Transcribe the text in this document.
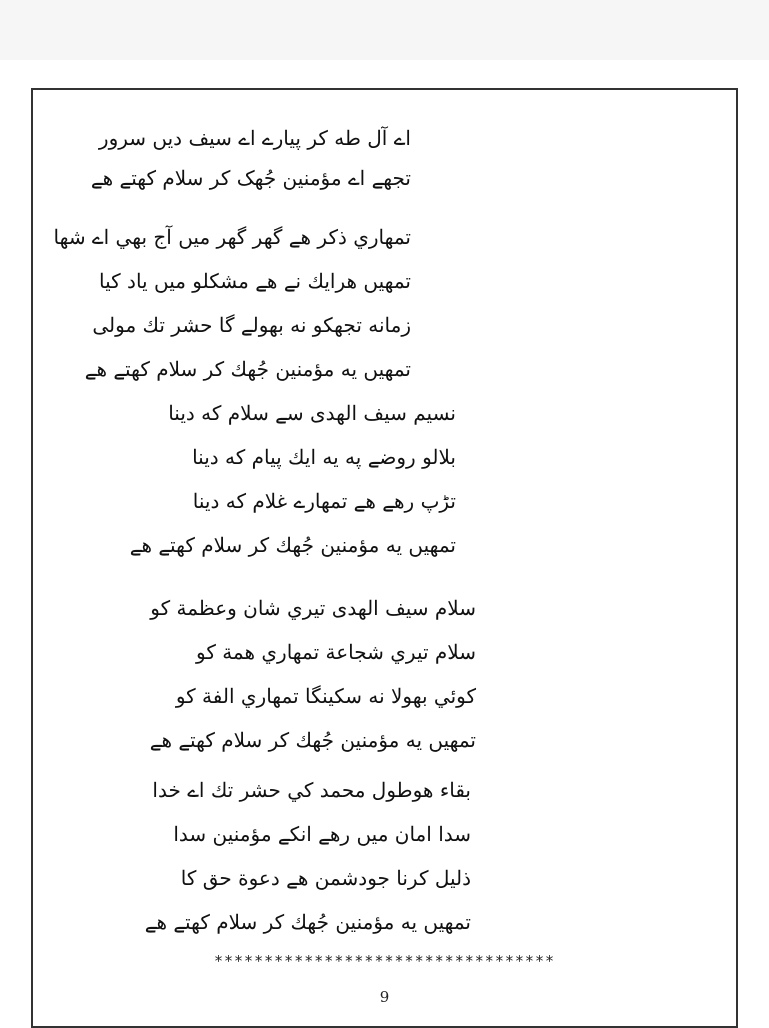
اے آل طه کر پیارے اے سیف دیں سرور
تجھے اے مؤمنین جُھک کر سلام کهتے هے
تمهاري ذكر هے گهر گهر ميں آج بهي اے شها
تمهيں هرايك نے هے مشكلو ميں ياد كيا
زمانه تجهكو نه بهولے گا حشر تك مولى
تمهيں يه مؤمنين جُھك كر سلام كهتے هے
نسيم سيف الهدى سے سلام كه دينا
بلالو روضے په يه ايك پيام كه دينا
تڑپ رهے هے تمهارے غلام كه دينا
تمهيں يه مؤمنين جُھك كر سلام كهتے هے
سلام سيف الهدى تيري شان وعظمة كو
سلام تيري شجاعة تمهاري همة كو
كوئي بهولا نه سكينگا تمهاري الفة كو
تمهيں يه مؤمنين جُھك كر سلام كهتے هے
بقاء هوطول محمد كي حشر تك اے خدا
سدا امان ميں رهے انكے مؤمنين سدا
ذليل كرنا جودشمن هے دعوة حق كا
تمهيں يه مؤمنين جُھك كر سلام كهتے هے
**********************************
9
